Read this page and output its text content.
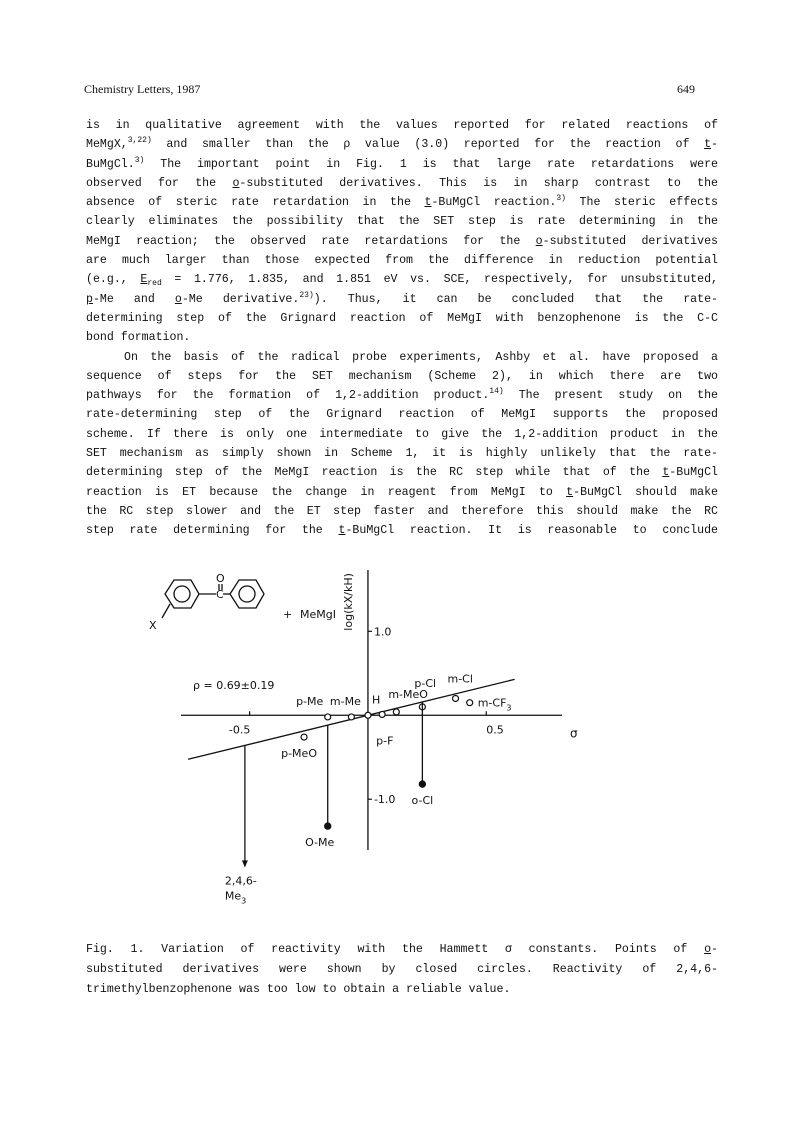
Chemistry Letters, 1987	649
is in qualitative agreement with the values reported for related reactions of
MeMgX,$^{3,22)}$ and smaller than the ρ value (3.0) reported for the reaction of t-
BuMgCl.$^{3)}$ The important point in Fig. 1 is that large rate retardations were
observed for the o-substituted derivatives. This is in sharp contrast to the
absence of steric rate retardation in the t-BuMgCl reaction.$^{3)}$ The steric effects
clearly eliminates the possibility that the SET step is rate determining in the
MeMgI reaction; the observed rate retardations for the o-substituted derivatives
are much larger than those expected from the difference in reduction potential
(e.g., $E_{red} = 1.776$, 1.835, and 1.851 eV vs. SCE, respectively, for unsubstituted,
p-Me and o-Me derivative.$^{23)}$). Thus, it can be concluded that the rate-
determining step of the Grignard reaction of MeMgI with benzophenone is the C-C
bond formation.
On the basis of the radical probe experiments, Ashby et al. have proposed a
sequence of steps for the SET mechanism (Scheme 2), in which there are two
pathways for the formation of 1,2-addition product.$^{14)}$ The present study on the
rate-determining step of the Grignard reaction of MeMgI supports the proposed
scheme. If there is only one intermediate to give the 1,2-addition product in the
SET mechanism as simply shown in Scheme 1, it is highly unlikely that the rate-
determining step of the MeMgI reaction is the RC step while that of the t-BuMgCl
reaction is ET because the change in reagent from MeMgI to t-BuMgCl should make
the RC step slower and the ET step faster and therefore this should make the RC
step rate determining for the t-BuMgCl reaction. It is reasonable to conclude
O
C
X
+ MeMgI
ρ = 0.69±0.19
-0.5	0.5
1.0
-1.0
σ
log(kX/kH)
H
p-Me m-Me
p-MeO
p-F
m-MeO
p-Cl m-Cl
$m-CF_3$
O-Me
o-Cl
2,4,6-
$Me_3$
Fig. 1. Variation of reactivity with the Hammett σ constants. Points of o-
substituted derivatives were shown by closed circles. Reactivity of 2,4,6-
trimethylbenzophenone was too low to obtain a reliable value.
